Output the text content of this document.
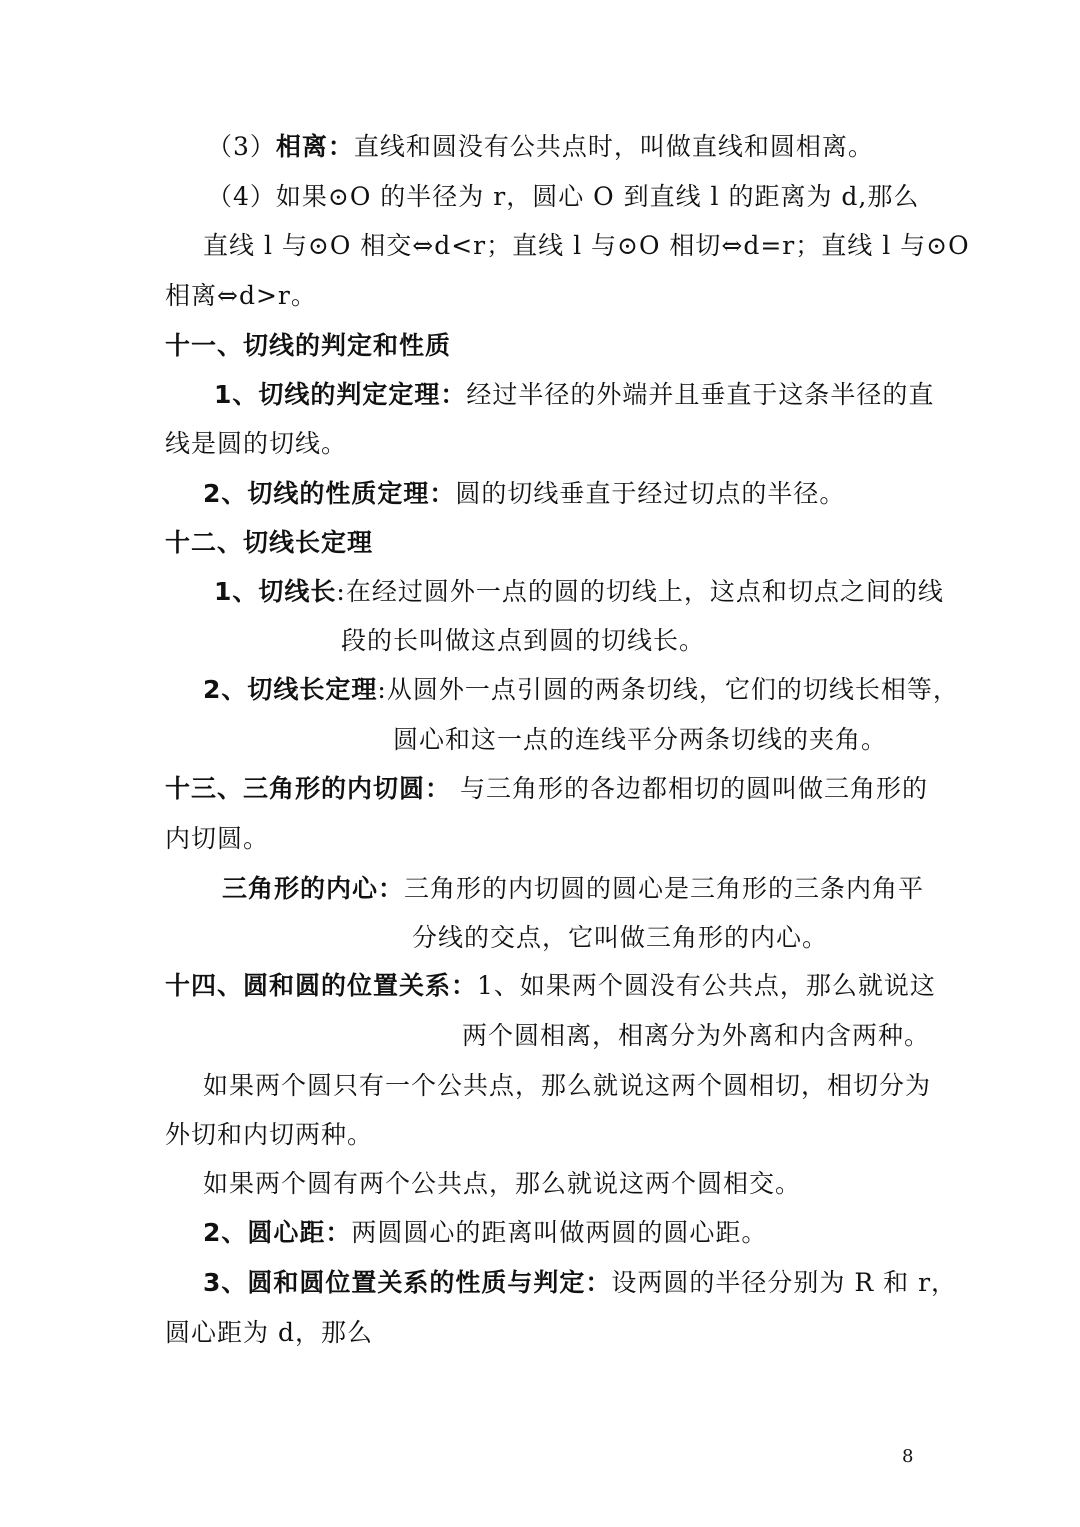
（3）相离：直线和圆没有公共点时，叫做直线和圆相离。
（4）如果⊙O 的半径为 r，圆心 O 到直线 l 的距离为 d,那么
直线 l 与⊙O 相交⇔d<r；直线 l 与⊙O 相切⇔d=r；直线 l 与⊙O
相离⇔d>r。
十一、切线的判定和性质
1、切线的判定定理：经过半径的外端并且垂直于这条半径的直
线是圆的切线。
2、切线的性质定理：圆的切线垂直于经过切点的半径。
十二、切线长定理
1、切线长:在经过圆外一点的圆的切线上，这点和切点之间的线
段的长叫做这点到圆的切线长。
2、切线长定理:从圆外一点引圆的两条切线，它们的切线长相等，
圆心和这一点的连线平分两条切线的夹角。
十三、三角形的内切圆： 与三角形的各边都相切的圆叫做三角形的
内切圆。
三角形的内心：三角形的内切圆的圆心是三角形的三条内角平
分线的交点，它叫做三角形的内心。
十四、圆和圆的位置关系：1、如果两个圆没有公共点，那么就说这
两个圆相离，相离分为外离和内含两种。
如果两个圆只有一个公共点，那么就说这两个圆相切，相切分为
外切和内切两种。
如果两个圆有两个公共点，那么就说这两个圆相交。
2、圆心距：两圆圆心的距离叫做两圆的圆心距。
3、圆和圆位置关系的性质与判定：设两圆的半径分别为 R 和 r，
圆心距为 d，那么
8
